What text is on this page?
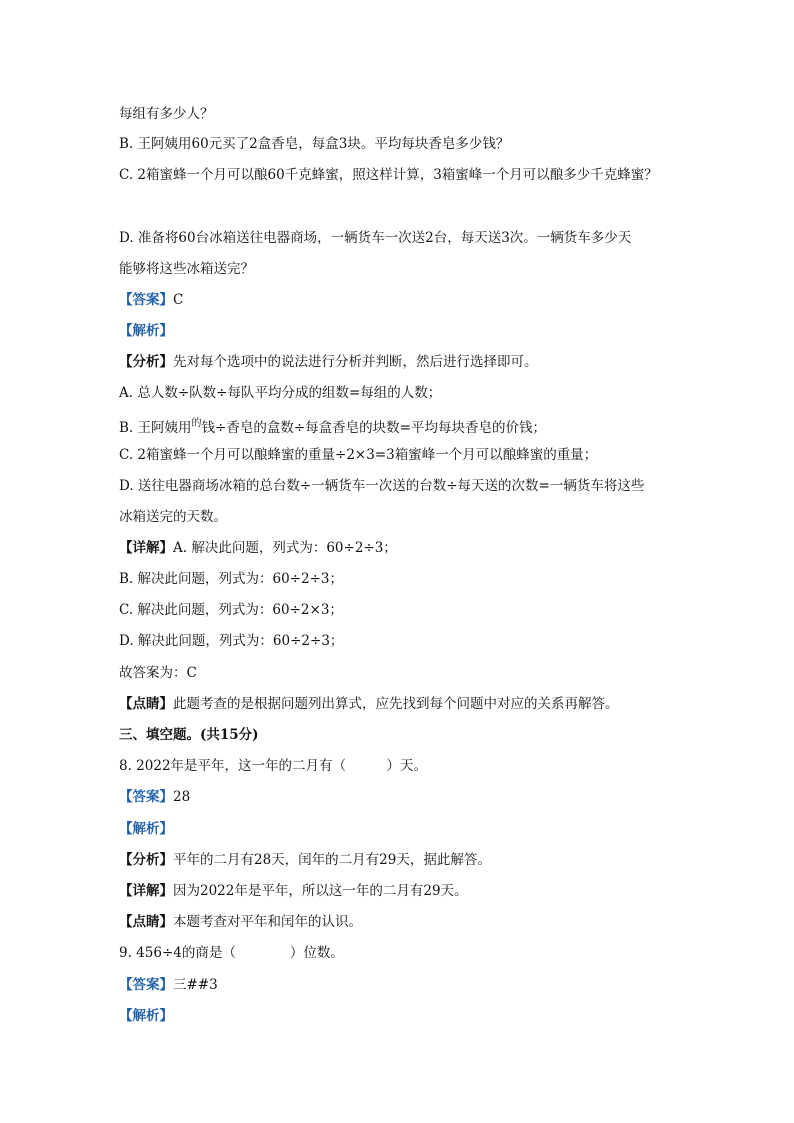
每组有多少人？
B. 王阿姨用60元买了2盒香皂，每盒3块。平均每块香皂多少钱？
C. 2箱蜜蜂一个月可以酿60千克蜂蜜，照这样计算，3箱蜜峰一个月可以酿多少千克蜂蜜？
D. 准备将60台冰箱送往电器商场，一辆货车一次送2台，每天送3次。一辆货车多少天
能够将这些冰箱送完？
【答案】C
【解析】
【分析】先对每个选项中的说法进行分析并判断，然后进行选择即可。
A. 总人数÷队数÷每队平均分成的组数=每组的人数；
B. 王阿姨用$^的$钱÷香皂的盒数÷每盒香皂的块数=平均每块香皂的价钱；
C. 2箱蜜蜂一个月可以酿蜂蜜的重量÷2×3=3箱蜜峰一个月可以酿蜂蜜的重量；
D. 送往电器商场冰箱的总台数÷一辆货车一次送的台数÷每天送的次数=一辆货车将这些
冰箱送完的天数。
【详解】A. 解决此问题，列式为：60÷2÷3；
B. 解决此问题，列式为：60÷2÷3；
C. 解决此问题，列式为：60÷2×3；
D. 解决此问题，列式为：60÷2÷3；
故答案为：C
【点睛】此题考查的是根据问题列出算式，应先找到每个问题中对应的关系再解答。
三、填空题。(共15分)
8. 2022年是平年，这一年的二月有（　　　）天。
【答案】28
【解析】
【分析】平年的二月有28天，闰年的二月有29天，据此解答。
【详解】因为2022年是平年，所以这一年的二月有29天。
【点睛】本题考查对平年和闰年的认识。
9. 456÷4的商是（　　　　）位数。
【答案】三##3
【解析】
